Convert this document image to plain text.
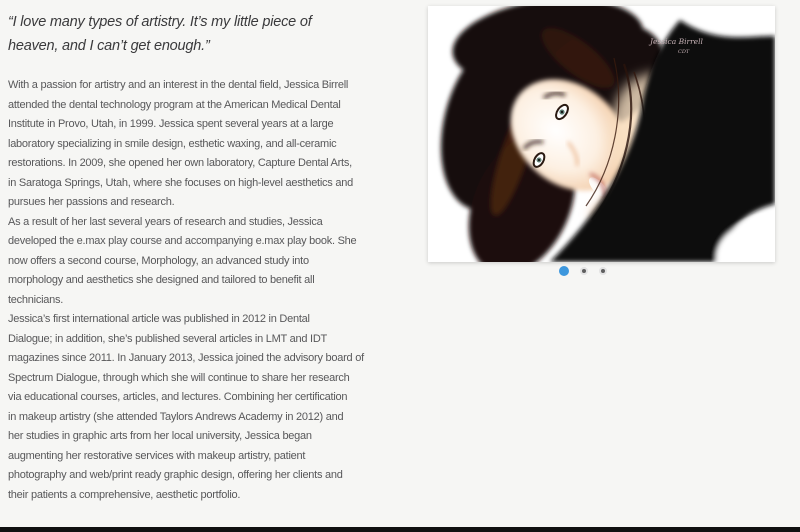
“I love many types of artistry. It’s my little piece of
heaven, and I can’t get enough.”
With a passion for artistry and an interest in the dental field, Jessica Birrell
attended the dental technology program at the American Medical Dental
Institute in Provo, Utah, in 1999. Jessica spent several years at a large
laboratory specializing in smile design, esthetic waxing, and all-ceramic
restorations. In 2009, she opened her own laboratory, Capture Dental Arts,
in Saratoga Springs, Utah, where she focuses on high-level aesthetics and
pursues her passions and research.
As a result of her last several years of research and studies, Jessica
developed the e.max play course and accompanying e.max play book. She
now offers a second course, Morphology, an advanced study into
morphology and aesthetics she designed and tailored to benefit all
technicians.
Jessica’s first international article was published in 2012 in Dental
Dialogue; in addition, she’s published several articles in LMT and IDT
magazines since 2011. In January 2013, Jessica joined the advisory board of
Spectrum Dialogue, through which she will continue to share her research
via educational courses, articles, and lectures. Combining her certification
in makeup artistry (she attended Taylors Andrews Academy in 2012) and
her studies in graphic arts from her local university, Jessica began
augmenting her restorative services with makeup artistry, patient
photography and web/print ready graphic design, offering her clients and
their patients a comprehensive, aesthetic portfolio.
Jessica Birrell
CDT
